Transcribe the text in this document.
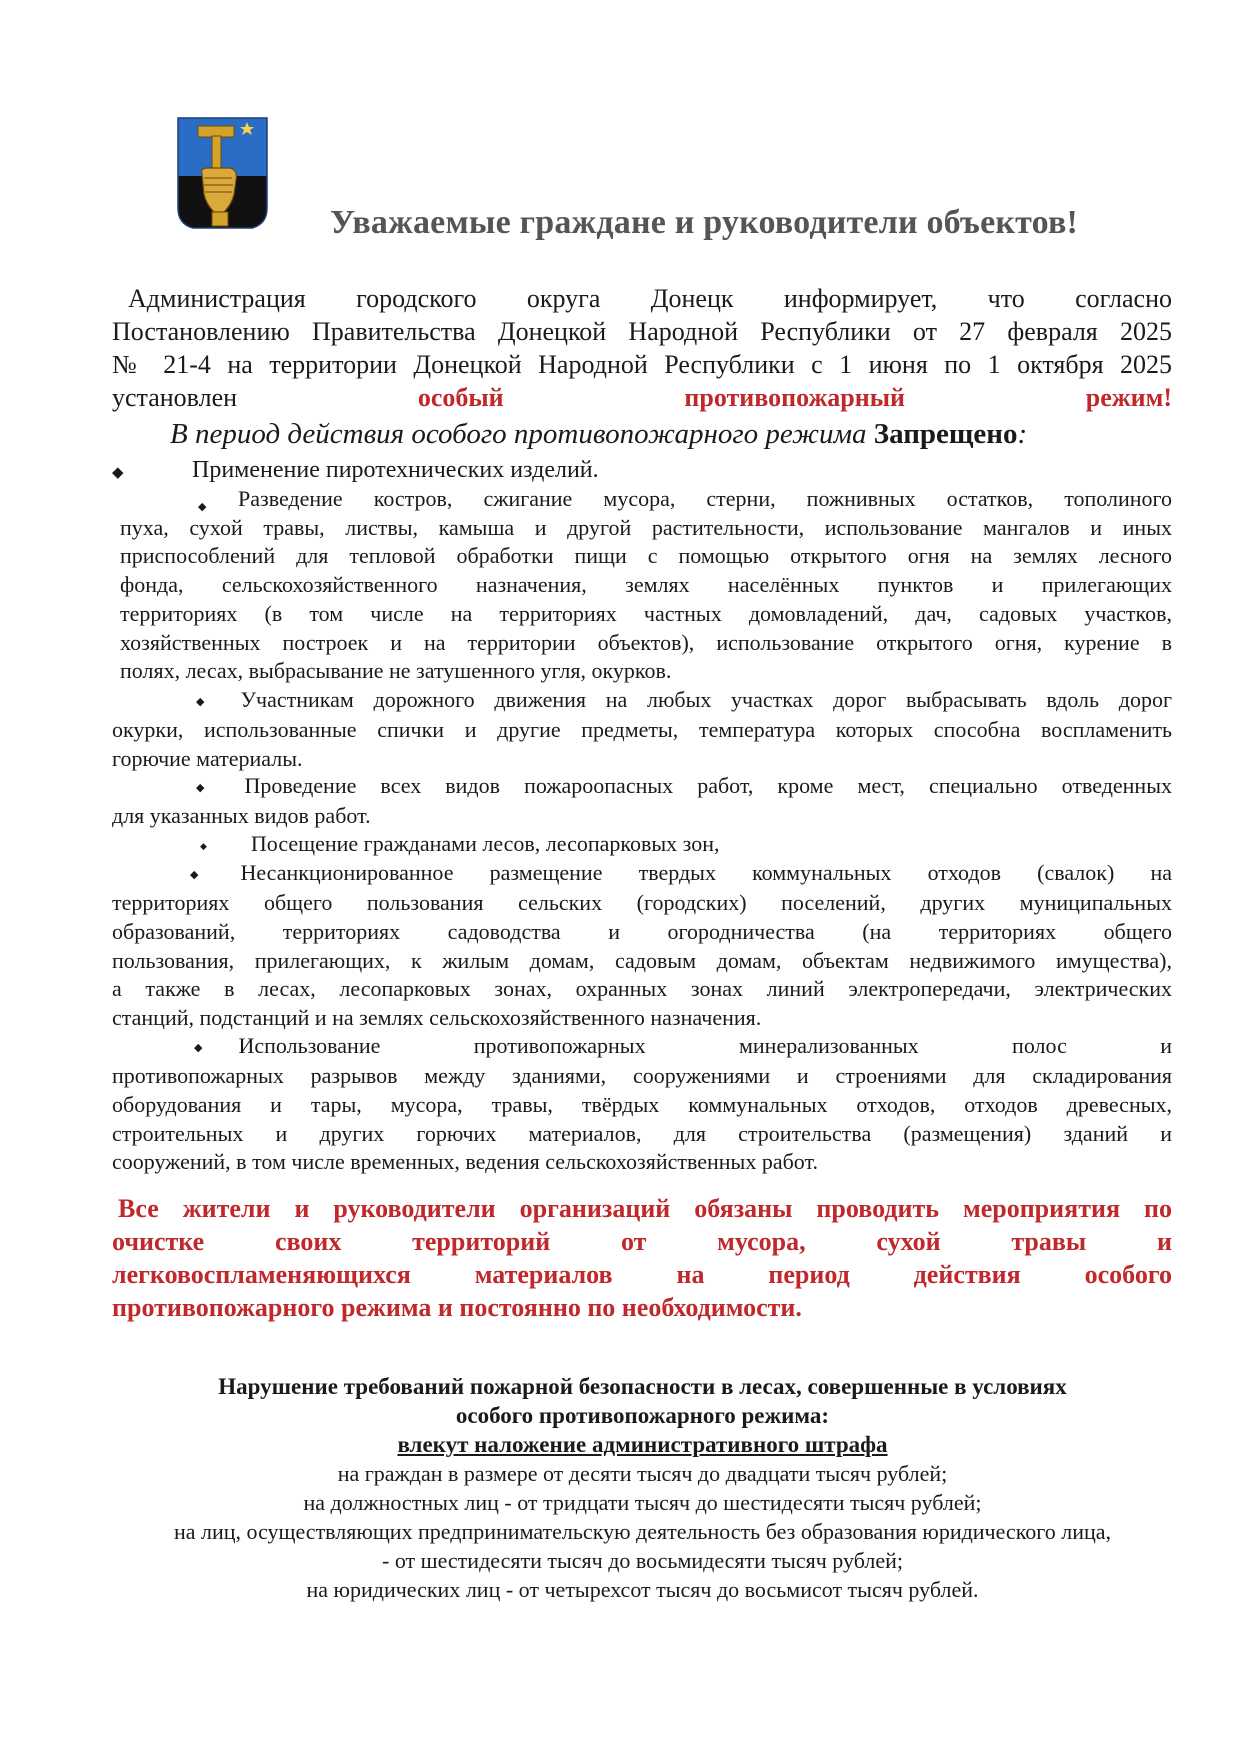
Уважаемые граждане и руководители объектов!
Администрация городского округа Донецк информирует, что согласно
Постановлению Правительства Донецкой Народной Республики от 27 февраля 2025
№ 21-4 на территории Донецкой Народной Республики с 1 июня по 1 октября 2025
установлен особый противопожарный режим!

В период действия особого противопожарного режима Запрещено:

◆	Применение пиротехнических изделий.
◆ Разведение костров, сжигание мусора, стерни, пожнивных остатков, тополиного
пуха, сухой травы, листвы, камыша и другой растительности, использование мангалов и иных
приспособлений для тепловой обработки пищи с помощью открытого огня на землях лесного
фонда, сельскохозяйственного назначения, землях населённых пунктов и прилегающих
территориях (в том числе на территориях частных домовладений, дач, садовых участков,
хозяйственных построек и на территории объектов), использование открытого огня, курение в
полях, лесах, выбрасывание не затушенного угля, окурков.
◆ Участникам дорожного движения на любых участках дорог выбрасывать вдоль дорог
окурки, использованные спички и другие предметы, температура которых способна воспламенить
горючие материалы.
◆ Проведение всех видов пожароопасных работ, кроме мест, специально отведенных
для указанных видов работ.
◆ Посещение гражданами лесов, лесопарковых зон,
◆ Несанкционированное размещение твердых коммунальных отходов (свалок) на
территориях общего пользования сельских (городских) поселений, других муниципальных
образований, территориях садоводства и огородничества (на территориях общего
пользования, прилегающих, к жилым домам, садовым домам, объектам недвижимого имущества),
а также в лесах, лесопарковых зонах, охранных зонах линий электропередачи, электрических
станций, подстанций и на землях сельскохозяйственного назначения.
◆ Использование противопожарных минерализованных полос и
противопожарных разрывов между зданиями, сооружениями и строениями для складирования
оборудования и тары, мусора, травы, твёрдых коммунальных отходов, отходов древесных,
строительных и других горючих материалов, для строительства (размещения) зданий и
сооружений, в том числе временных, ведения сельскохозяйственных работ.
Все жители и руководители организаций обязаны проводить мероприятия по
очистке своих территорий от мусора, сухой травы и
легковоспламеняющихся материалов на период действия особого
противопожарного режима и постоянно по необходимости.
Нарушение требований пожарной безопасности в лесах, совершенные в условиях
особого противопожарного режима:
влекут наложение административного штрафа
на граждан в размере от десяти тысяч до двадцати тысяч рублей;
на должностных лиц - от тридцати тысяч до шестидесяти тысяч рублей;
на лиц, осуществляющих предпринимательскую деятельность без образования юридического лица,
- от шестидесяти тысяч до восьмидесяти тысяч рублей;
на юридических лиц - от четырехсот тысяч до восьмисот тысяч рублей.
